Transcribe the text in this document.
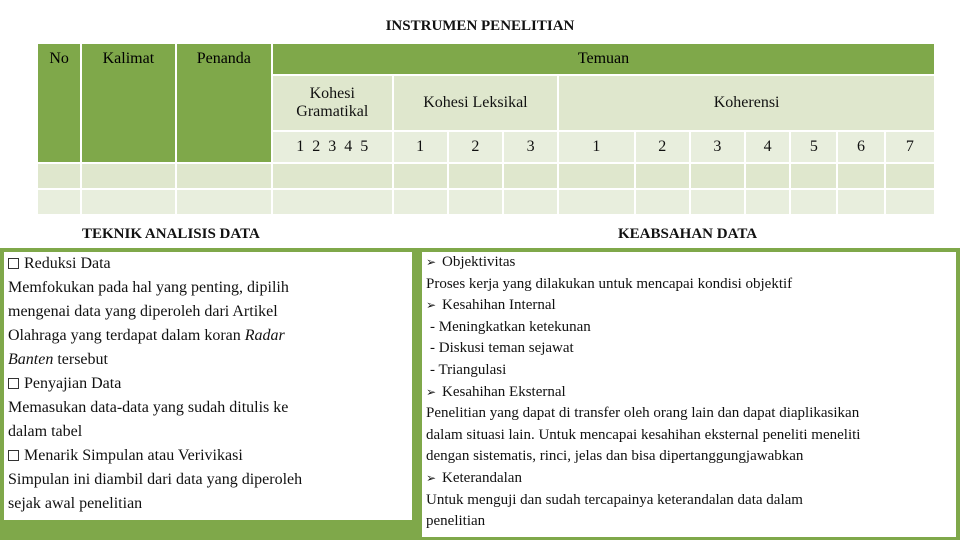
INSTRUMEN PENELITIAN
No	Kalimat	Penanda	Temuan										
			Kohesi Gramatikal	Kohesi Leksikal			Koherensi						
			1  2  3  4  5	1	2	3	1	2	3	4	5	6	7

TEKNIK ANALISIS DATA	KEABSAHAN DATA
Reduksi Data
Memfokukan pada hal yang penting, dipilih
mengenai data yang diperoleh dari Artikel
Olahraga yang terdapat dalam koran Radar
Banten tersebut
Penyajian Data
Memasukan data-data yang sudah ditulis ke
dalam tabel
Menarik Simpulan atau Verivikasi
Simpulan ini diambil dari data yang diperoleh
sejak awal penelitian
➢ Objektivitas
Proses kerja yang dilakukan untuk mencapai kondisi objektif
➢ Kesahihan Internal
- Meningkatkan ketekunan
- Diskusi teman sejawat
- Triangulasi
➢ Kesahihan Eksternal
Penelitian yang dapat di transfer oleh orang lain dan dapat diaplikasikan
dalam situasi lain. Untuk mencapai kesahihan eksternal peneliti meneliti
dengan sistematis, rinci, jelas dan bisa dipertanggungjawabkan
➢ Keterandalan
Untuk menguji dan sudah tercapainya keterandalan data dalam
penelitian
